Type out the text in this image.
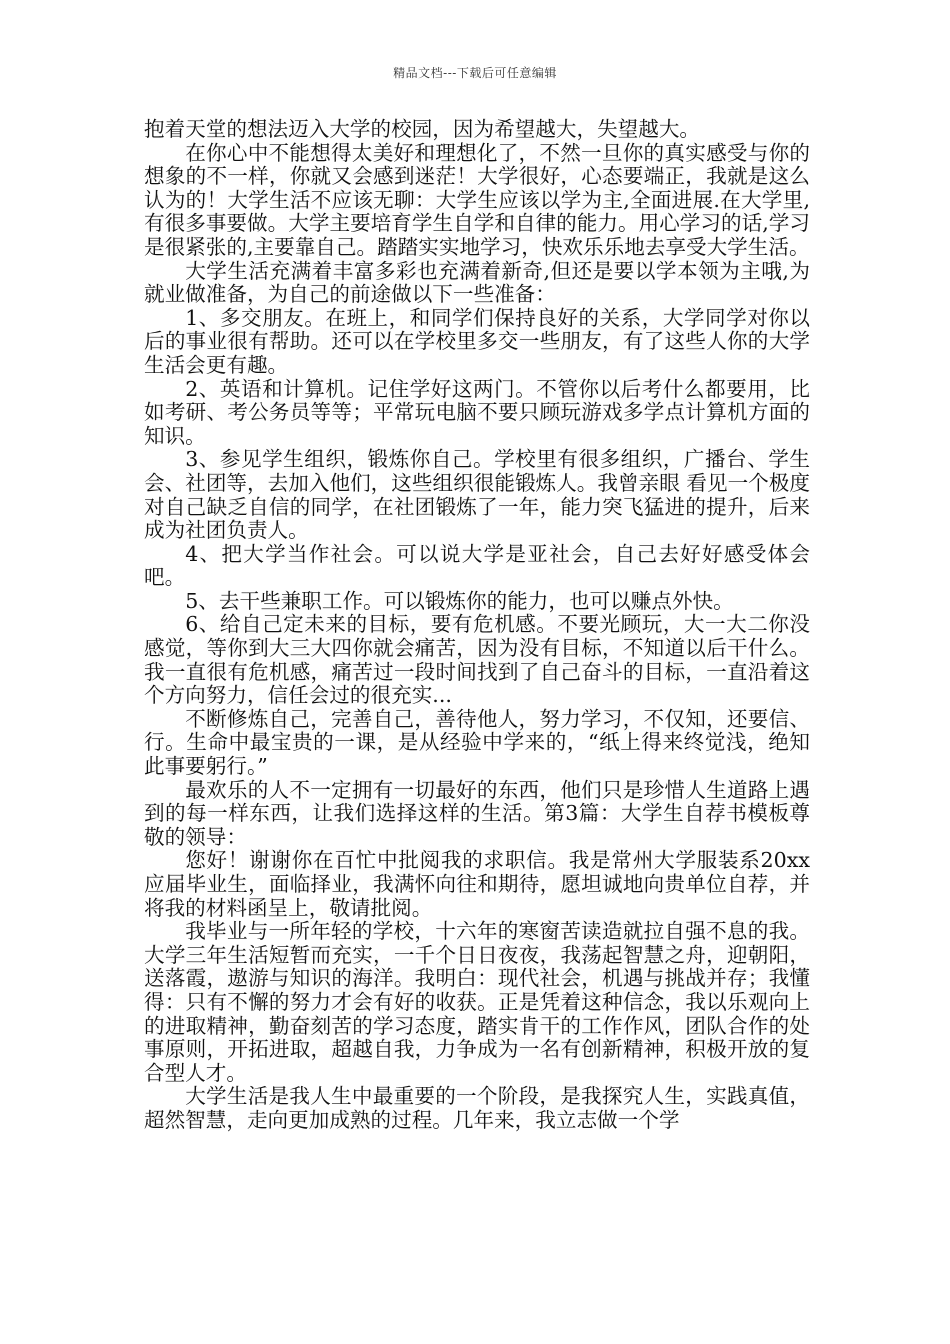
精品文档---下载后可任意编辑

抱着天堂的想法迈入大学的校园，因为希望越大，失望越大。

在你心中不能想得太美好和理想化了，不然一旦你的真实感受与你的想象的不一样，你就又会感到迷茫！大学很好，心态要端正，我就是这么认为的！大学生活不应该无聊：大学生应该以学为主,全面进展.在大学里,有很多事要做。大学主要培育学生自学和自律的能力。用心学习的话,学习是很紧张的,主要靠自己。踏踏实实地学习，快欢乐乐地去享受大学生活。

大学生活充满着丰富多彩也充满着新奇,但还是要以学本领为主哦,为就业做准备，为自己的前途做以下一些准备：

1、多交朋友。在班上，和同学们保持良好的关系，大学同学对你以后的事业很有帮助。还可以在学校里多交一些朋友，有了这些人你的大学生活会更有趣。

2、英语和计算机。记住学好这两门。不管你以后考什么都要用，比如考研、考公务员等等；平常玩电脑不要只顾玩游戏多学点计算机方面的知识。

3、参见学生组织，锻炼你自己。学校里有很多组织，广播台、学生会、社团等，去加入他们，这些组织很能锻炼人。我曾亲眼 看见一个极度对自己缺乏自信的同学，在社团锻炼了一年，能力突飞猛进的提升，后来成为社团负责人。

4、把大学当作社会。可以说大学是亚社会，自己去好好感受体会吧。

5、去干些兼职工作。可以锻炼你的能力，也可以赚点外快。

6、给自己定未来的目标，要有危机感。不要光顾玩，大一大二你没感觉，等你到大三大四你就会痛苦，因为没有目标，不知道以后干什么。我一直很有危机感，痛苦过一段时间找到了自己奋斗的目标，一直沿着这个方向努力，信任会过的很充实...

不断修炼自己，完善自己，善待他人，努力学习，不仅知，还要信、行。生命中最宝贵的一课，是从经验中学来的，“纸上得来终觉浅，绝知此事要躬行。”

最欢乐的人不一定拥有一切最好的东西，他们只是珍惜人生道路上遇到的每一样东西，让我们选择这样的生活。第3篇：大学生自荐书模板尊敬的领导：

您好！谢谢你在百忙中批阅我的求职信。我是常州大学服装系20xx应届毕业生，面临择业，我满怀向往和期待，愿坦诚地向贵单位自荐，并将我的材料函呈上，敬请批阅。

我毕业与一所年轻的学校，十六年的寒窗苦读造就拉自强不息的我。大学三年生活短暂而充实，一千个日日夜夜，我荡起智慧之舟，迎朝阳，送落霞，遨游与知识的海洋。我明白：现代社会，机遇与挑战并存；我懂得：只有不懈的努力才会有好的收获。正是凭着这种信念，我以乐观向上的进取精神，勤奋刻苦的学习态度，踏实肯干的工作作风，团队合作的处事原则，开拓进取，超越自我，力争成为一名有创新精神，积极开放的复合型人才。

大学生活是我人生中最重要的一个阶段，是我探究人生，实践真值，超然智慧，走向更加成熟的过程。几年来，我立志做一个学
